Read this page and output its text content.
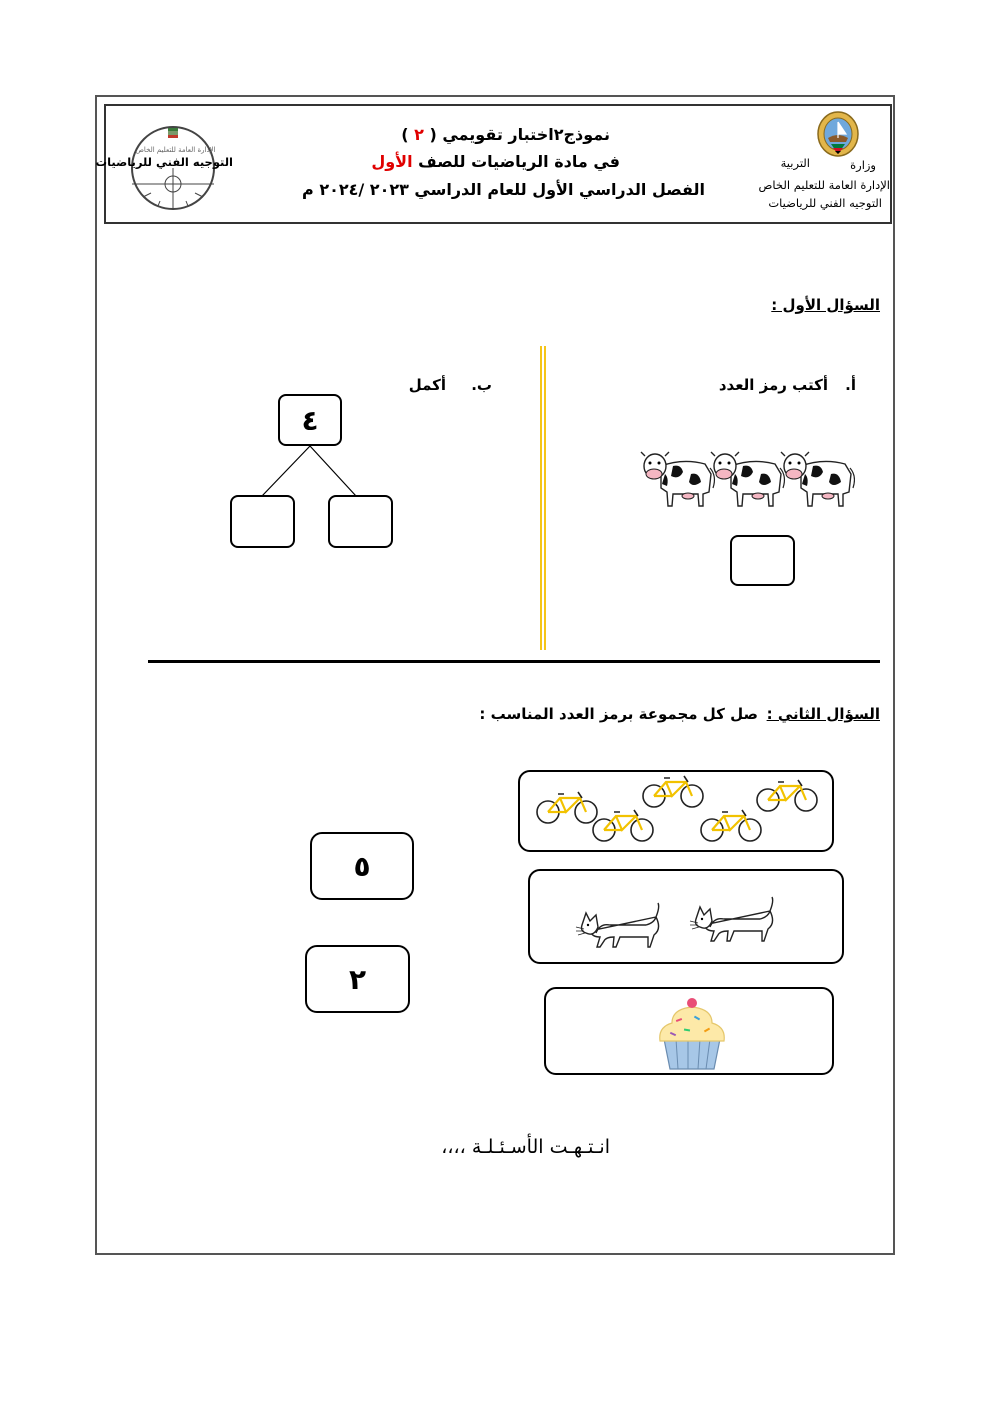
وزارة
التربية
الإدارة العامة للتعليم الخاص
التوجيه الفني للرياضيات
نموذج٢اختبار تقويمي ( ٢ )
في مادة الرياضيات للصف الأول
الفصل الدراسي الأول للعام الدراسي ٢٠٢٣ /٢٠٢٤ م
الإدارة العامة للتعليم الخاص
التوجيه الفني للرياضيات
السؤال الأول :
أ.
أكتب رمز العدد
ب.
أكمل
٤
السؤال الثاني :
صل كل مجموعة برمز العدد المناسب :
٥
٢
انـتـهـت الأسـئـلـة ،،،،
